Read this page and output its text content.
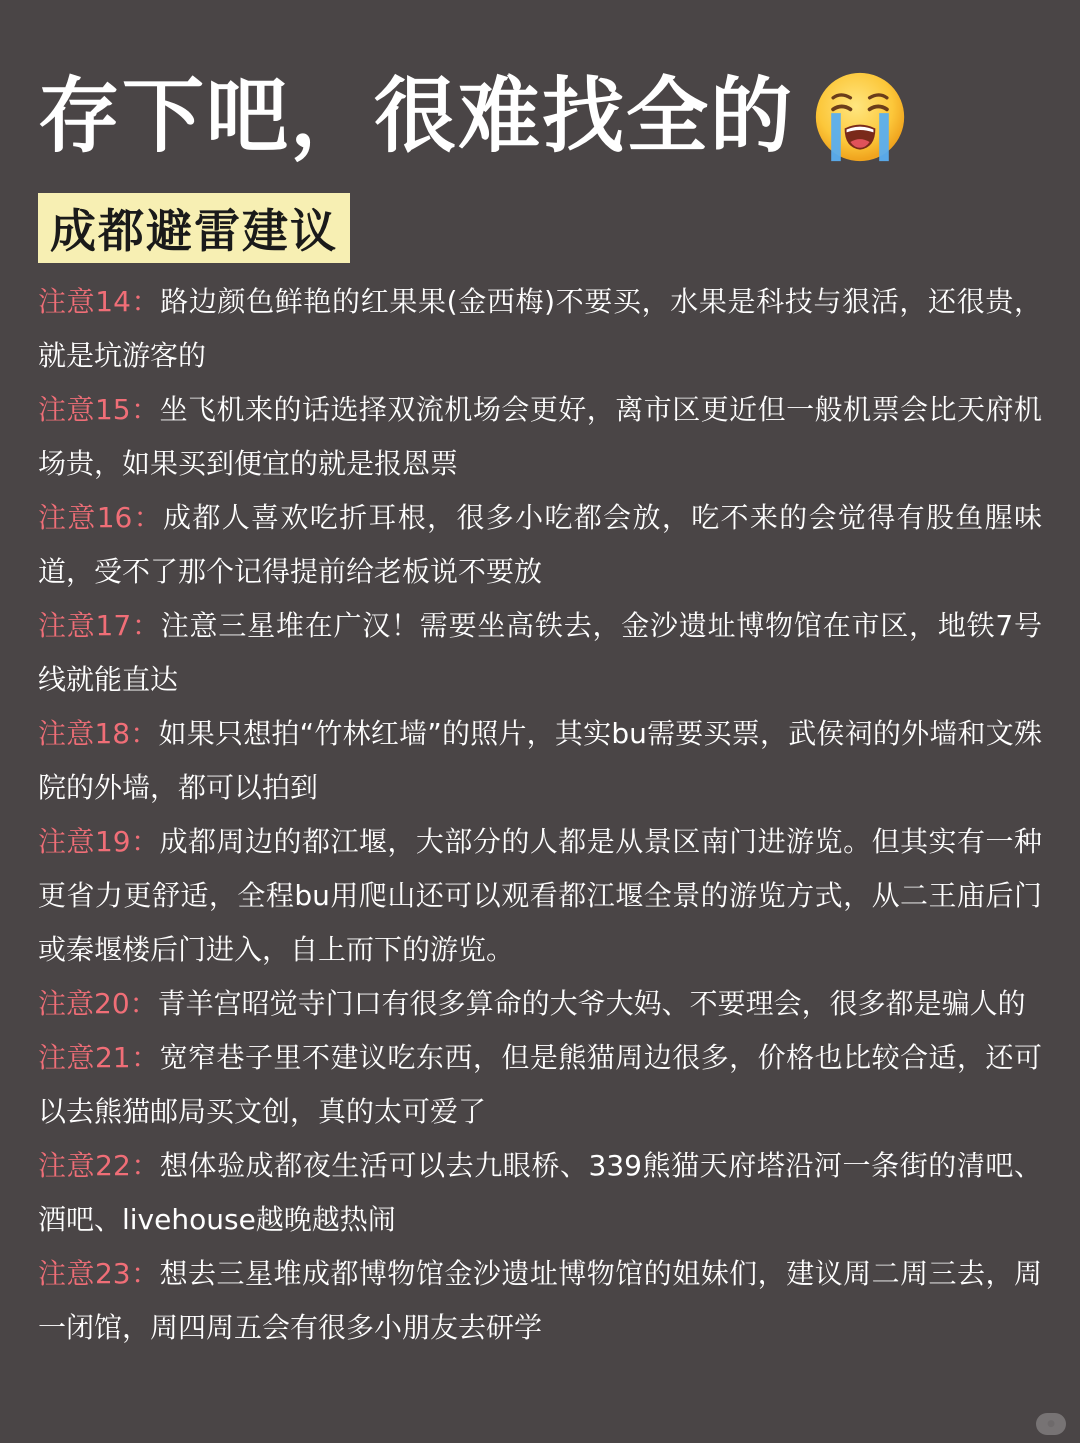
存下吧，很难找全的
成都避雷建议

注意14：路边颜色鲜艳的红果果(金西梅)不要买，水果是科技与狠活，还很贵，就是坑游客的

注意15：坐飞机来的话选择双流机场会更好，离市区更近但一般机票会比天府机场贵，如果买到便宜的就是报恩票

注意16：成都人喜欢吃折耳根，很多小吃都会放，吃不来的会觉得有股鱼腥味道，受不了那个记得提前给老板说不要放

注意17：注意三星堆在广汉！需要坐高铁去，金沙遗址博物馆在市区，地铁7号线就能直达

注意18：如果只想拍“竹林红墙”的照片，其实bu需要买票，武侯祠的外墙和文殊院的外墙，都可以拍到

注意19：成都周边的都江堰，大部分的人都是从景区南门进游览。但其实有一种更省力更舒适，全程bu用爬山还可以观看都江堰全景的游览方式，从二王庙后门或秦堰楼后门进入，自上而下的游览。

注意20：青羊宫昭觉寺门口有很多算命的大爷大妈、不要理会，很多都是骗人的

注意21：宽窄巷子里不建议吃东西，但是熊猫周边很多，价格也比较合适，还可以去熊猫邮局买文创，真的太可爱了

注意22：想体验成都夜生活可以去九眼桥、339熊猫天府塔沿河一条街的清吧、酒吧、livehouse越晚越热闹

注意23：想去三星堆成都博物馆金沙遗址博物馆的姐妹们，建议周二周三去，周一闭馆，周四周五会有很多小朋友去研学

●
